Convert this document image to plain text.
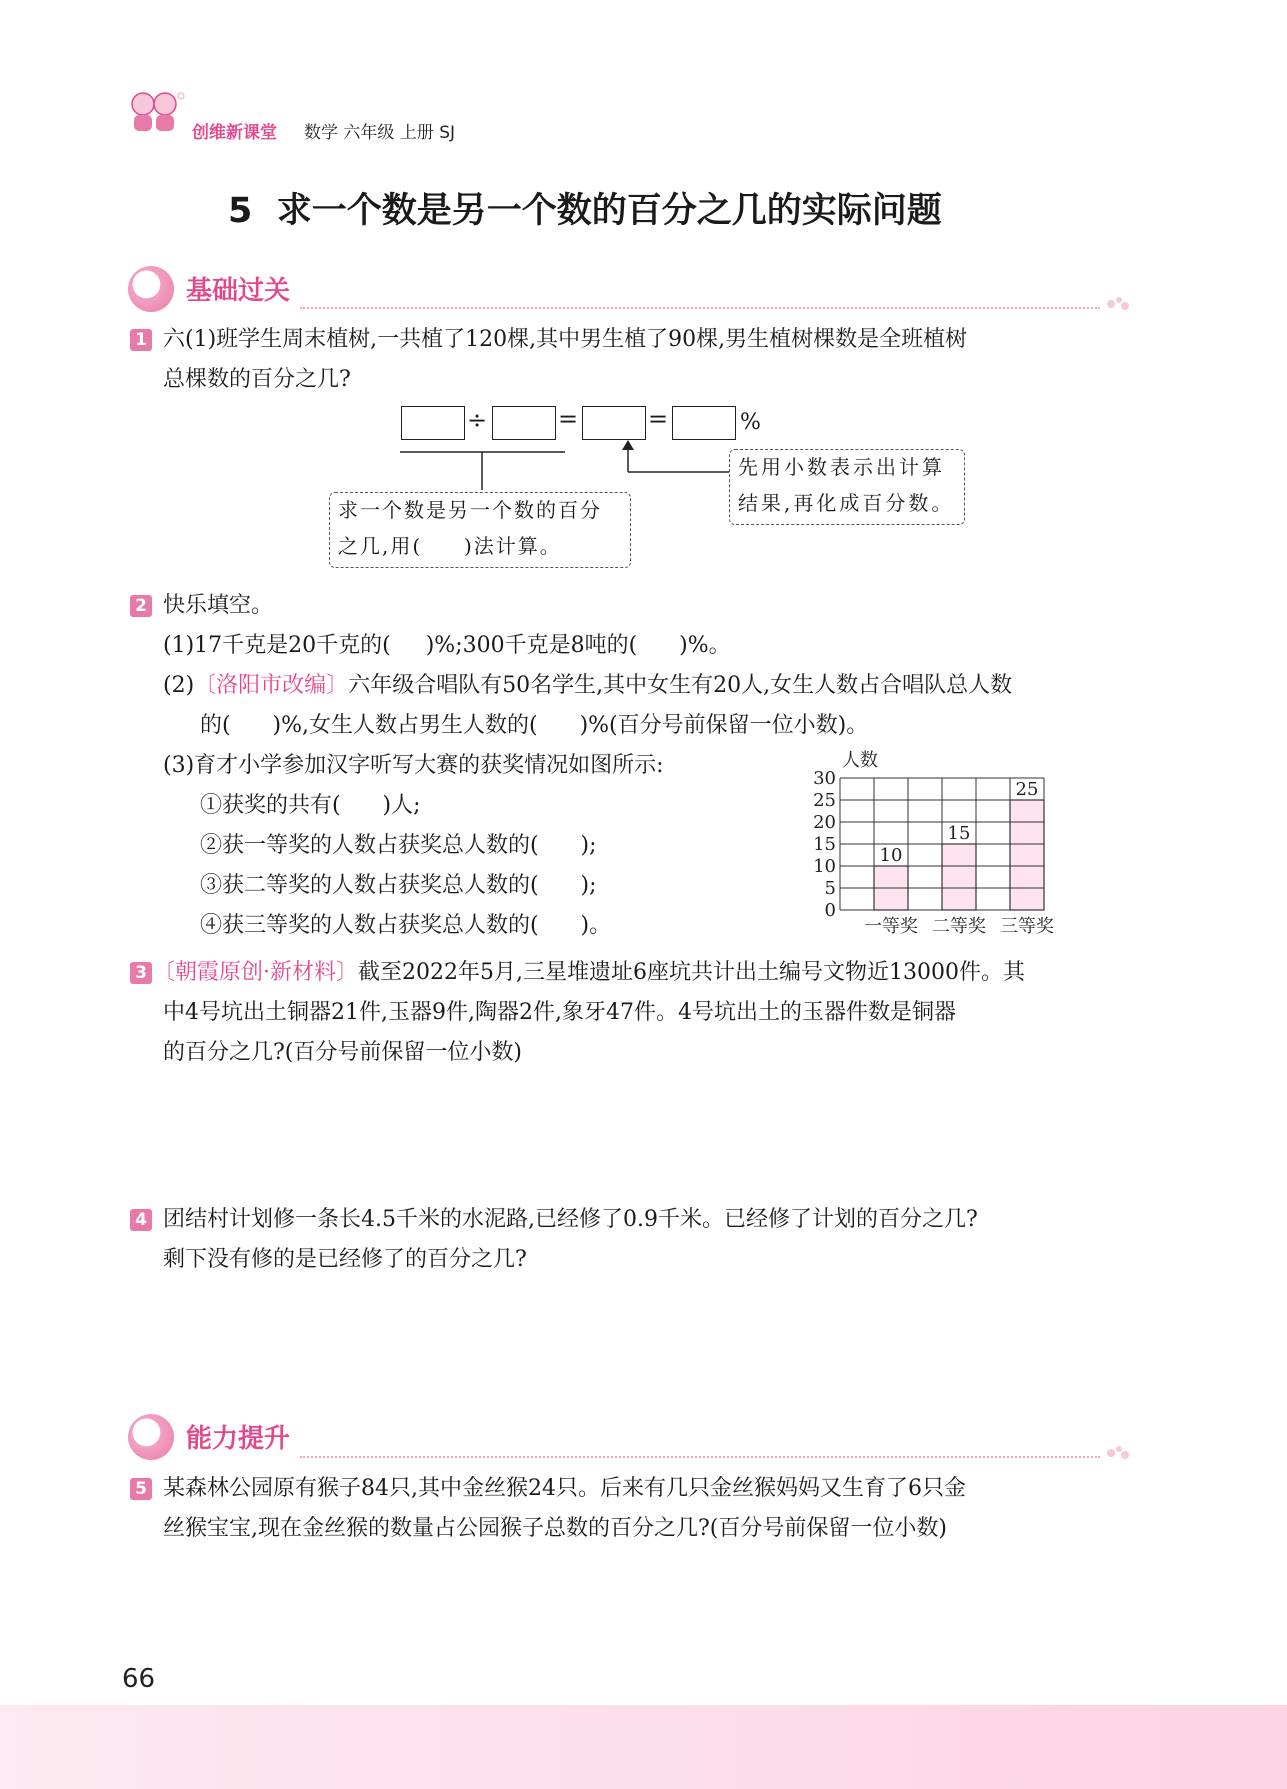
创维新课堂 数学 六年级 上册 SJ
5  求一个数是另一个数的百分之几的实际问题
基础过关
1 六(1)班学生周末植树,一共植了120棵,其中男生植了90棵,男生植树棵数是全班植树
总棵数的百分之几?
÷	=	=	%
求一个数是另一个数的百分
之几,用(     )法计算。
先用小数表示出计算
结果,再化成百分数。
2 快乐填空。
(1)17千克是20千克的(     )%;300千克是8吨的(      )%。
(2)〔洛阳市改编〕六年级合唱队有50名学生,其中女生有20人,女生人数占合唱队总人数
的(      )%,女生人数占男生人数的(      )%(百分号前保留一位小数)。
(3)育才小学参加汉字听写大赛的获奖情况如图所示:
①获奖的共有(      )人;
②获一等奖的人数占获奖总人数的(      );
③获二等奖的人数占获奖总人数的(      );
④获三等奖的人数占获奖总人数的(      )。
10
15
25
0
5
10
15
20
25
30
人数
一等奖 二等奖 三等奖
3 〔朝霞原创·新材料〕截至2022年5月,三星堆遗址6座坑共计出土编号文物近13000件。其
中4号坑出土铜器21件,玉器9件,陶器2件,象牙47件。4号坑出土的玉器件数是铜器
的百分之几?(百分号前保留一位小数)
4 团结村计划修一条长4.5千米的水泥路,已经修了0.9千米。已经修了计划的百分之几?
剩下没有修的是已经修了的百分之几?
能力提升
5 某森林公园原有猴子84只,其中金丝猴24只。后来有几只金丝猴妈妈又生育了6只金
丝猴宝宝,现在金丝猴的数量占公园猴子总数的百分之几?(百分号前保留一位小数)
66
